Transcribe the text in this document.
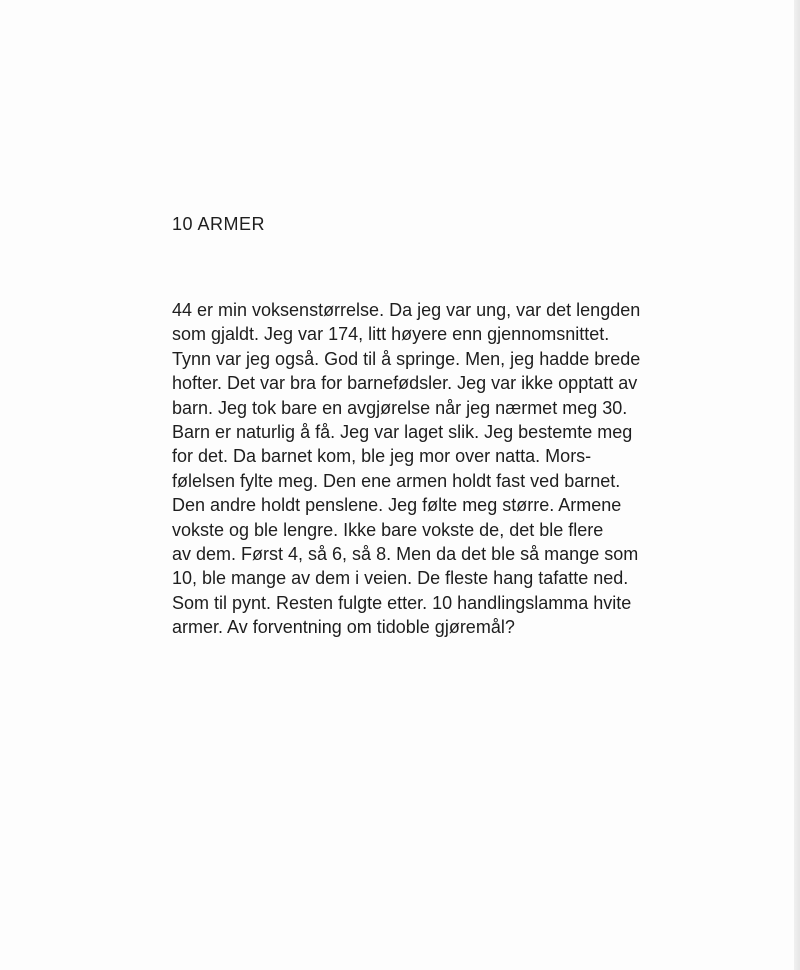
10 ARMER
44 er min voksenstørrelse. Da jeg var ung, var det lengden
som gjaldt. Jeg var 174, litt høyere enn gjennomsnittet.
Tynn var jeg også. God til å springe. Men, jeg hadde brede
hofter. Det var bra for barnefødsler. Jeg var ikke opptatt av
barn. Jeg tok bare en avgjørelse når jeg nærmet meg 30.
Barn er naturlig å få. Jeg var laget slik. Jeg bestemte meg
for det. Da barnet kom, ble jeg mor over natta. Mors-
følelsen fylte meg. Den ene armen holdt fast ved barnet.
Den andre holdt penslene. Jeg følte meg større. Armene
vokste og ble lengre. Ikke bare vokste de, det ble flere
av dem. Først 4, så 6, så 8. Men da det ble så mange som
10, ble mange av dem i veien. De fleste hang tafatte ned.
Som til pynt. Resten fulgte etter. 10 handlingslamma hvite
armer. Av forventning om tidoble gjøremål?
